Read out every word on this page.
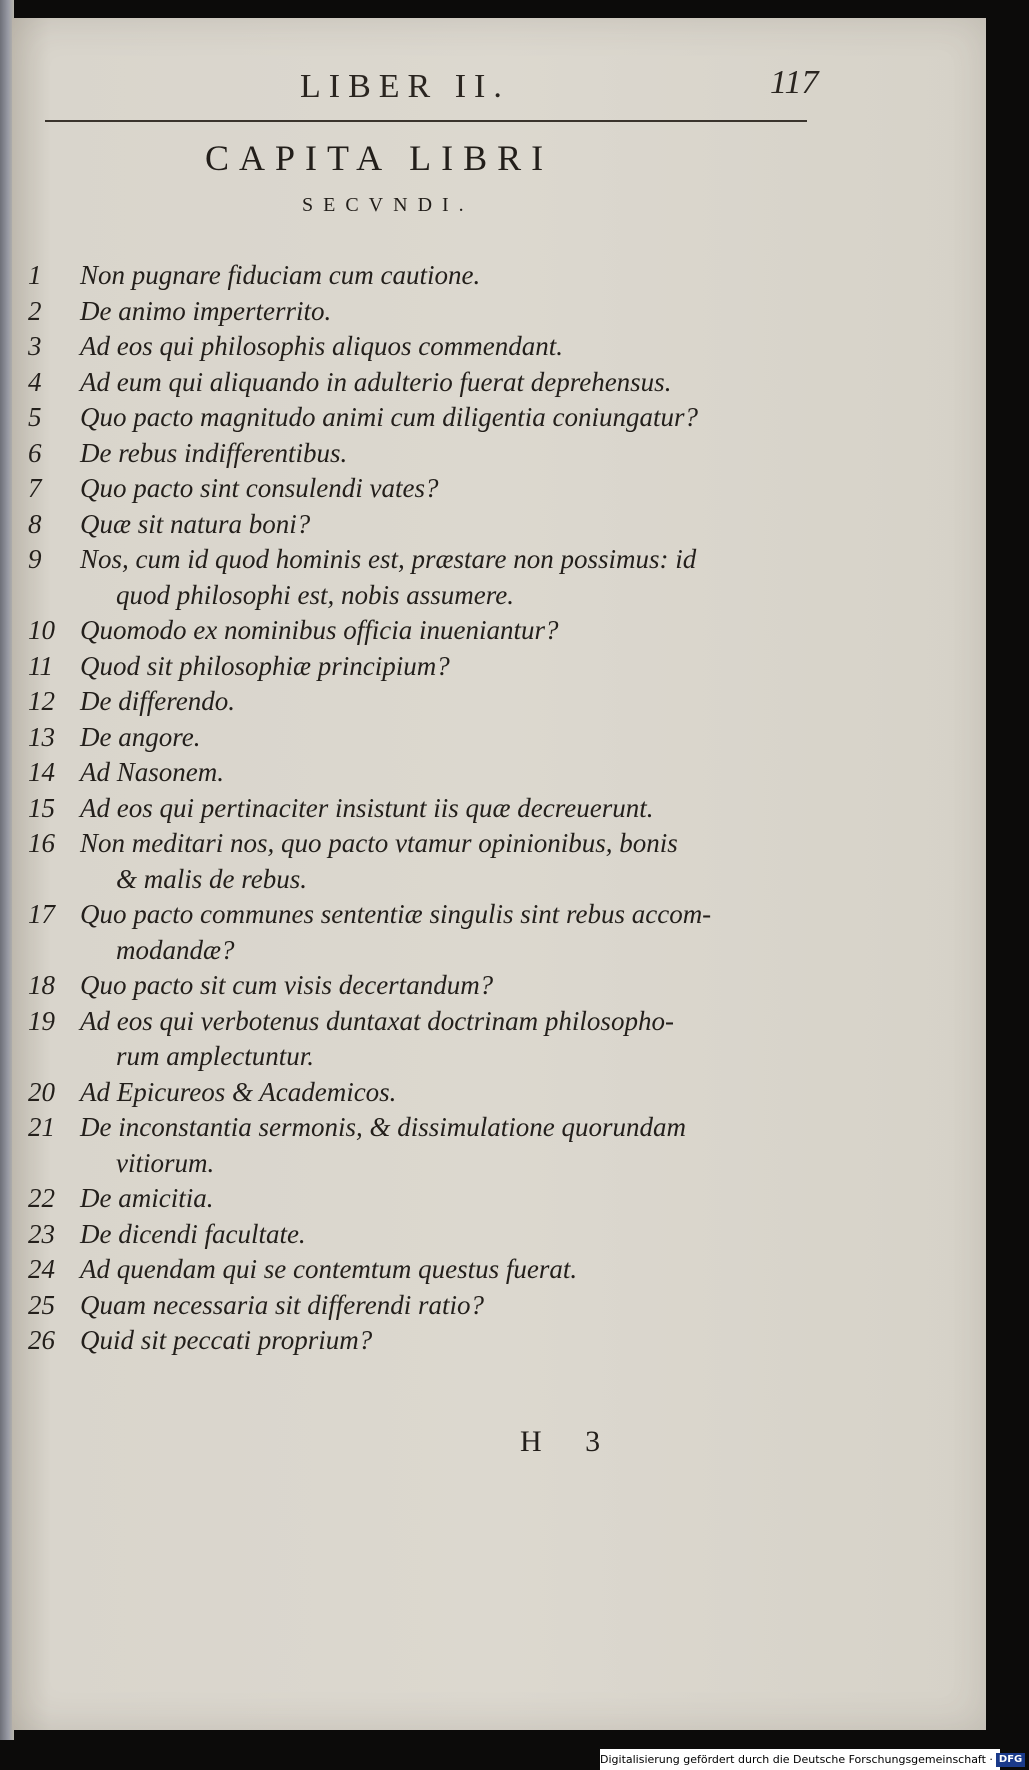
LIBER II.	117
CAPITA LIBRI
SECVNDI.
1	Non pugnare fiduciam cum cautione.
2	De animo imperterrito.
3	Ad eos qui philosophis aliquos commendant.
4	Ad eum qui aliquando in adulterio fuerat deprehensus.
5	Quo pacto magnitudo animi cum diligentia coniungatur?
6	De rebus indifferentibus.
7	Quo pacto sint consulendi vates?
8	Quæ sit natura boni?
9	Nos, cum id quod hominis est, præstare non possimus: id
quod philosophi est, nobis assumere.
10 Quomodo ex nominibus officia inueniantur?
11	Quod sit philosophiæ principium?
12 De differendo.
13 De angore.
14 Ad Nasonem.
15 Ad eos qui pertinaciter insistunt iis quæ decreuerunt.
16 Non meditari nos, quo pacto vtamur opinionibus, bonis
& malis de rebus.
17 Quo pacto communes sententiæ singulis sint rebus accom-
modandæ?
18 Quo pacto sit cum visis decertandum?
19 Ad eos qui verbotenus duntaxat doctrinam philosopho-
rum amplectuntur.
20 Ad Epicureos & Academicos.
21 De inconstantia sermonis, & dissimulatione quorundam
vitiorum.
22 De amicitia.
23 De dicendi facultate.
24 Ad quendam qui se contemtum questus fuerat.
25 Quam necessaria sit differendi ratio?
26 Quid sit peccati proprium?
H 3
Digitalisierung gefördert durch die Deutsche Forschungsgemeinschaft · DFG
